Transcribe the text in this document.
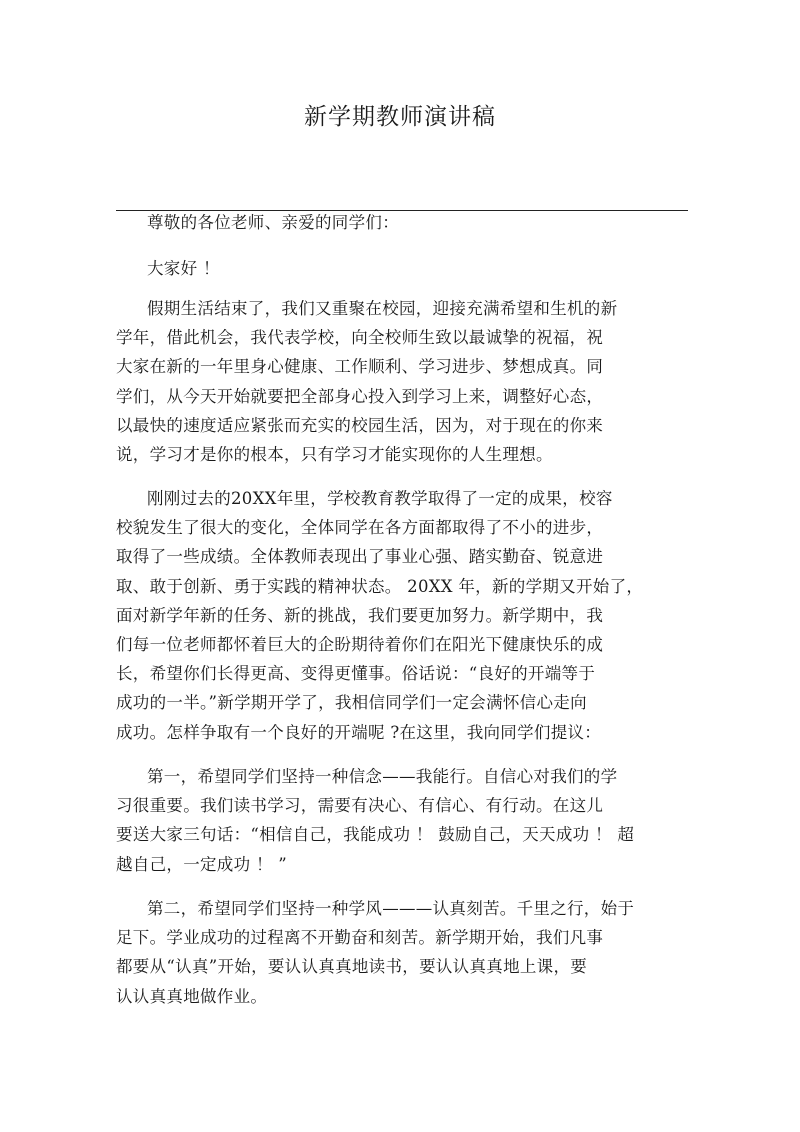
新学期教师演讲稿
尊敬的各位老师、亲爱的同学们：
大家好 ！
假期生活结束了，我们又重聚在校园，迎接充满希望和生机的新
学年，借此机会，我代表学校，向全校师生致以最诚挚的祝福，祝
大家在新的一年里身心健康、工作顺利、学习进步、梦想成真。同
学们，从今天开始就要把全部身心投入到学习上来，调整好心态，
以最快的速度适应紧张而充实的校园生活，因为，对于现在的你来
说，学习才是你的根本，只有学习才能实现你的人生理想。
刚刚过去的20XX年里，学校教育教学取得了一定的成果，校容
校貌发生了很大的变化，全体同学在各方面都取得了不小的进步，
取得了一些成绩。全体教师表现出了事业心强、踏实勤奋、锐意进
取、敢于创新、勇于实践的精神状态。 20XX 年，新的学期又开始了，
面对新学年新的任务、新的挑战，我们要更加努力。新学期中，我
们每一位老师都怀着巨大的企盼期待着你们在阳光下健康快乐的成
长，希望你们长得更高、变得更懂事。俗话说：“良好的开端等于
成功的一半。”新学期开学了，我相信同学们一定会满怀信心走向
成功。怎样争取有一个良好的开端呢 ?在这里，我向同学们提议：
第一，希望同学们坚持一种信念——我能行。自信心对我们的学
习很重要。我们读书学习，需要有决心、有信心、有行动。在这儿
要送大家三句话：“相信自己，我能成功 ！ 鼓励自己，天天成功 ！ 超
越自己，一定成功 ！ ”
第二，希望同学们坚持一种学风———认真刻苦。千里之行，始于
足下。学业成功的过程离不开勤奋和刻苦。新学期开始，我们凡事
都要从“认真”开始，要认认真真地读书，要认认真真地上课，要
认认真真地做作业。
